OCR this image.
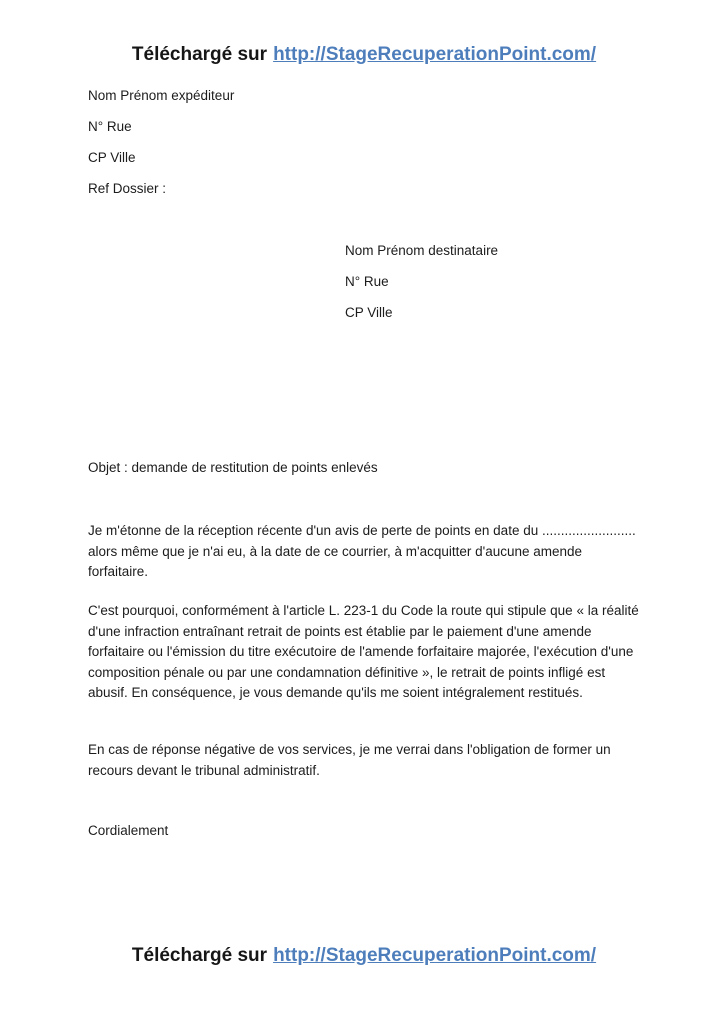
Téléchargé sur http://StageRecuperationPoint.com/
Nom Prénom expéditeur
N° Rue
CP Ville
Ref Dossier :
Nom Prénom destinataire
N° Rue
CP Ville
Objet : demande de restitution de points enlevés

Je m'étonne de la réception récente d'un avis de perte de points en date du ......................... alors même que je n'ai eu, à la date de ce courrier, à m'acquitter d'aucune amende forfaitaire.

C'est pourquoi, conformément à l'article L. 223-1 du Code la route qui stipule que « la réalité d'une infraction entraînant retrait de points est établie par le paiement d'une amende forfaitaire ou l'émission du titre exécutoire de l'amende forfaitaire majorée, l'exécution d'une composition pénale ou par une condamnation définitive », le retrait de points infligé est abusif. En conséquence, je vous demande qu'ils me soient intégralement restitués.

En cas de réponse négative de vos services, je me verrai dans l'obligation de former un recours devant le tribunal administratif.

Cordialement
Téléchargé sur http://StageRecuperationPoint.com/
